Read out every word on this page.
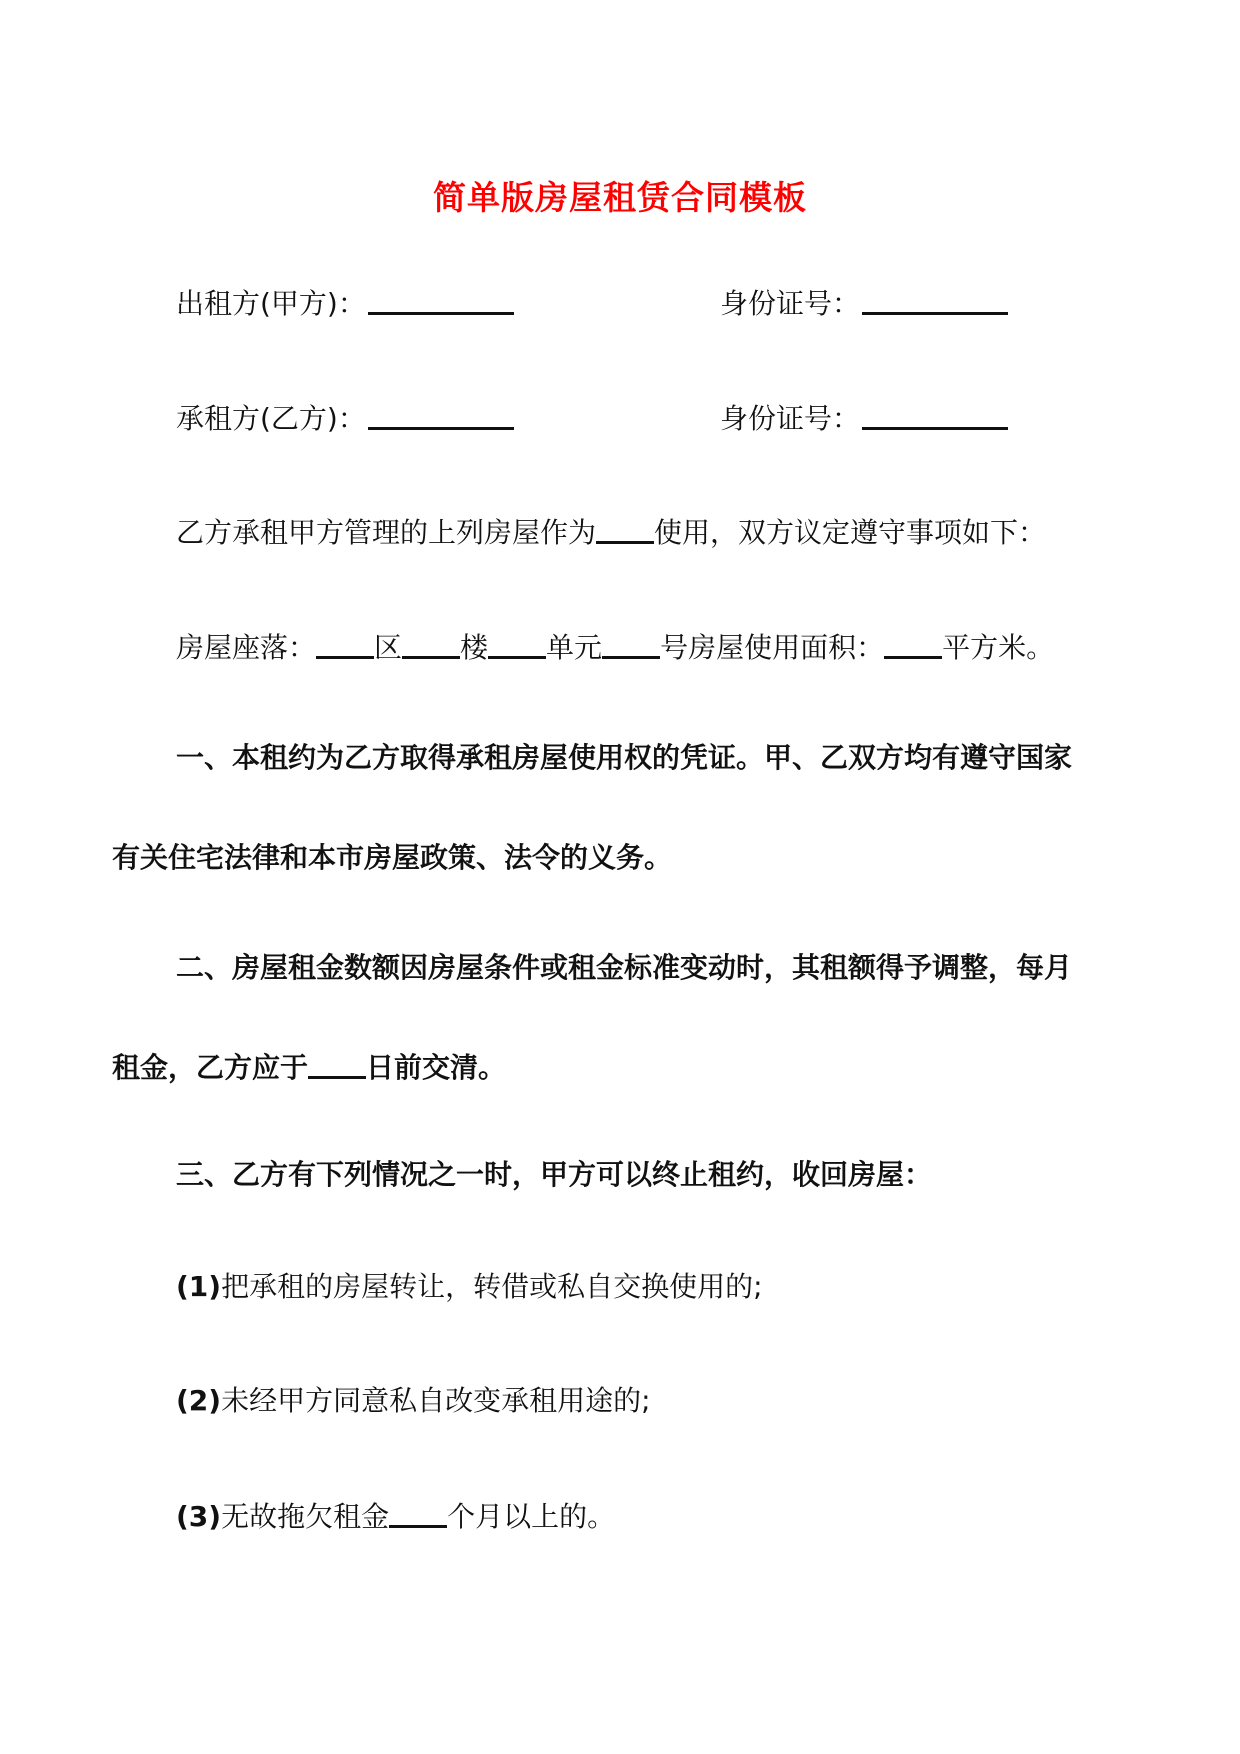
简单版房屋租赁合同模板
出租方(甲方)：	身份证号：
承租方(乙方)：	身份证号：
乙方承租甲方管理的上列房屋作为 使用，双方议定遵守事项如下：
房屋座落： 区 楼 单元 号房屋使用面积： 平方米。
一、本租约为乙方取得承租房屋使用权的凭证。甲、乙双方均有遵守国家
有关住宅法律和本市房屋政策、法令的义务。
二、房屋租金数额因房屋条件或租金标准变动时，其租额得予调整，每月
租金，乙方应于 日前交清。
三、乙方有下列情况之一时，甲方可以终止租约，收回房屋：
(1)把承租的房屋转让，转借或私自交换使用的;
(2)未经甲方同意私自改变承租用途的;
(3)无故拖欠租金 个月以上的。
